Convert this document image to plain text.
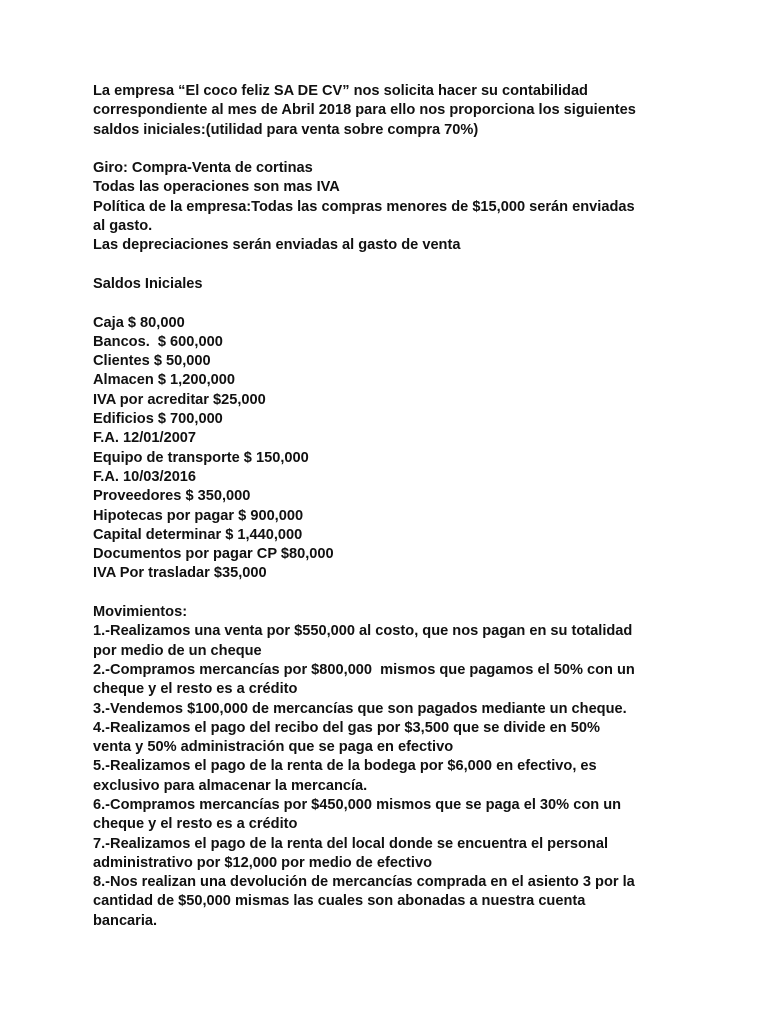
La empresa “El coco feliz SA DE CV” nos solicita hacer su contabilidad
correspondiente al mes de Abril 2018 para ello nos proporciona los siguientes
saldos iniciales:(utilidad para venta sobre compra 70%)
Giro: Compra-Venta de cortinas
Todas las operaciones son mas IVA
Política de la empresa:Todas las compras menores de $15,000 serán enviadas
al gasto.
Las depreciaciones serán enviadas al gasto de venta
Saldos Iniciales
Caja $ 80,000
Bancos.  $ 600,000
Clientes $ 50,000
Almacen $ 1,200,000
IVA por acreditar $25,000
Edificios $ 700,000
F.A. 12/01/2007
Equipo de transporte $ 150,000
F.A. 10/03/2016
Proveedores $ 350,000
Hipotecas por pagar $ 900,000
Capital determinar $ 1,440,000
Documentos por pagar CP $80,000
IVA Por trasladar $35,000
Movimientos:
1.-Realizamos una venta por $550,000 al costo, que nos pagan en su totalidad
por medio de un cheque
2.-Compramos mercancías por $800,000  mismos que pagamos el 50% con un
cheque y el resto es a crédito
3.-Vendemos $100,000 de mercancías que son pagados mediante un cheque.
4.-Realizamos el pago del recibo del gas por $3,500 que se divide en 50%
venta y 50% administración que se paga en efectivo
5.-Realizamos el pago de la renta de la bodega por $6,000 en efectivo, es
exclusivo para almacenar la mercancía.
6.-Compramos mercancías por $450,000 mismos que se paga el 30% con un
cheque y el resto es a crédito
7.-Realizamos el pago de la renta del local donde se encuentra el personal
administrativo por $12,000 por medio de efectivo
8.-Nos realizan una devolución de mercancías comprada en el asiento 3 por la
cantidad de $50,000 mismas las cuales son abonadas a nuestra cuenta
bancaria.
